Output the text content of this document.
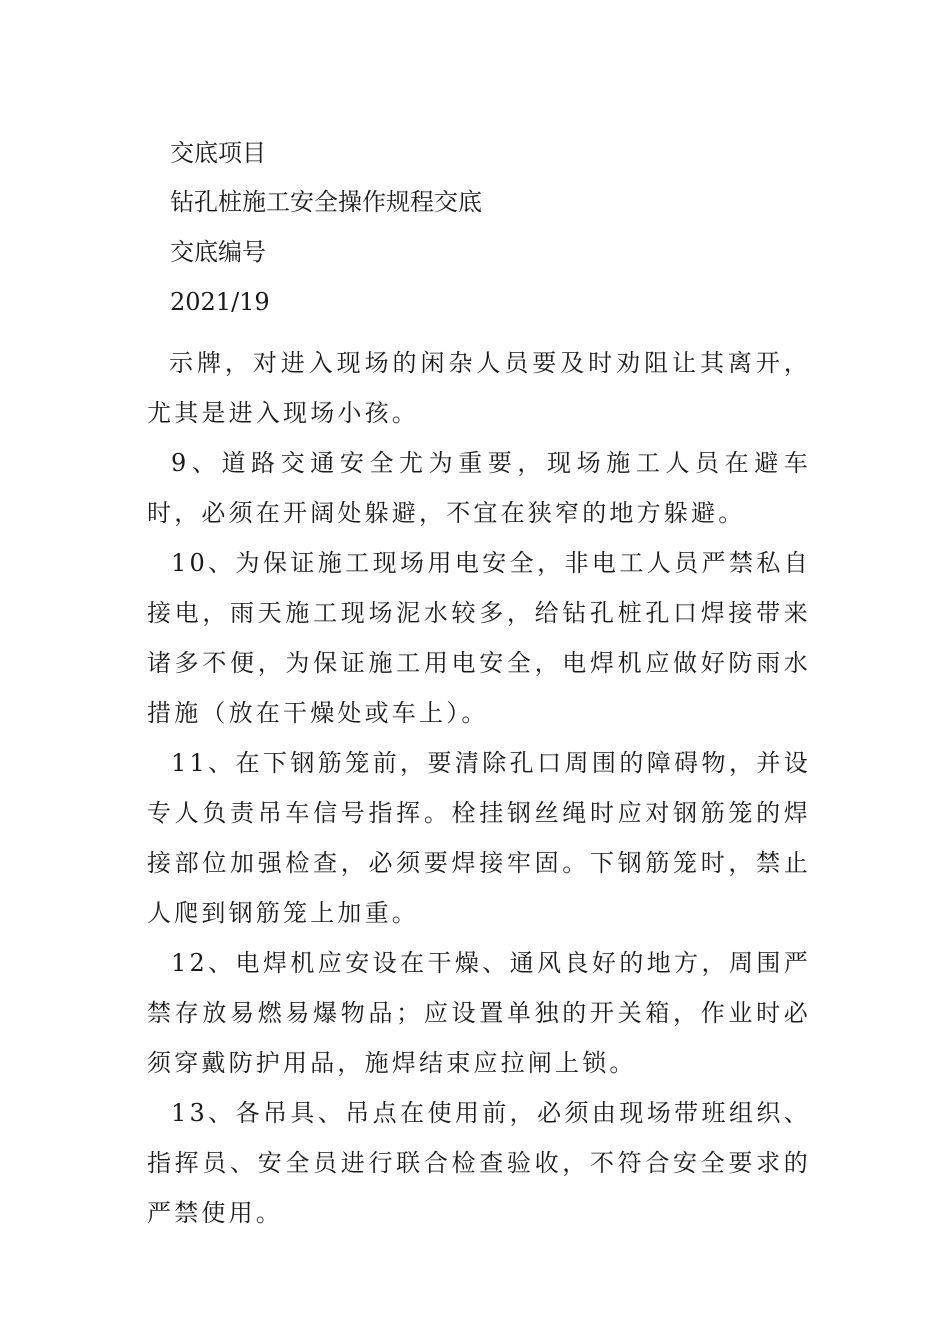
交底项目
钻孔桩施工安全操作规程交底
交底编号
2021/19

示牌，对进入现场的闲杂人员要及时劝阻让其离开，尤其是进入现场小孩。

9、道路交通安全尤为重要，现场施工人员在避车时，必须在开阔处躲避，不宜在狭窄的地方躲避。

10、为保证施工现场用电安全，非电工人员严禁私自接电，雨天施工现场泥水较多，给钻孔桩孔口焊接带来诸多不便，为保证施工用电安全，电焊机应做好防雨水措施（放在干燥处或车上）。

11、在下钢筋笼前，要清除孔口周围的障碍物，并设专人负责吊车信号指挥。栓挂钢丝绳时应对钢筋笼的焊接部位加强检查，必须要焊接牢固。下钢筋笼时，禁止人爬到钢筋笼上加重。

12、电焊机应安设在干燥、通风良好的地方，周围严禁存放易燃易爆物品；应设置单独的开关箱，作业时必须穿戴防护用品，施焊结束应拉闸上锁。

13、各吊具、吊点在使用前，必须由现场带班组织、指挥员、安全员进行联合检查验收，不符合安全要求的严禁使用。
